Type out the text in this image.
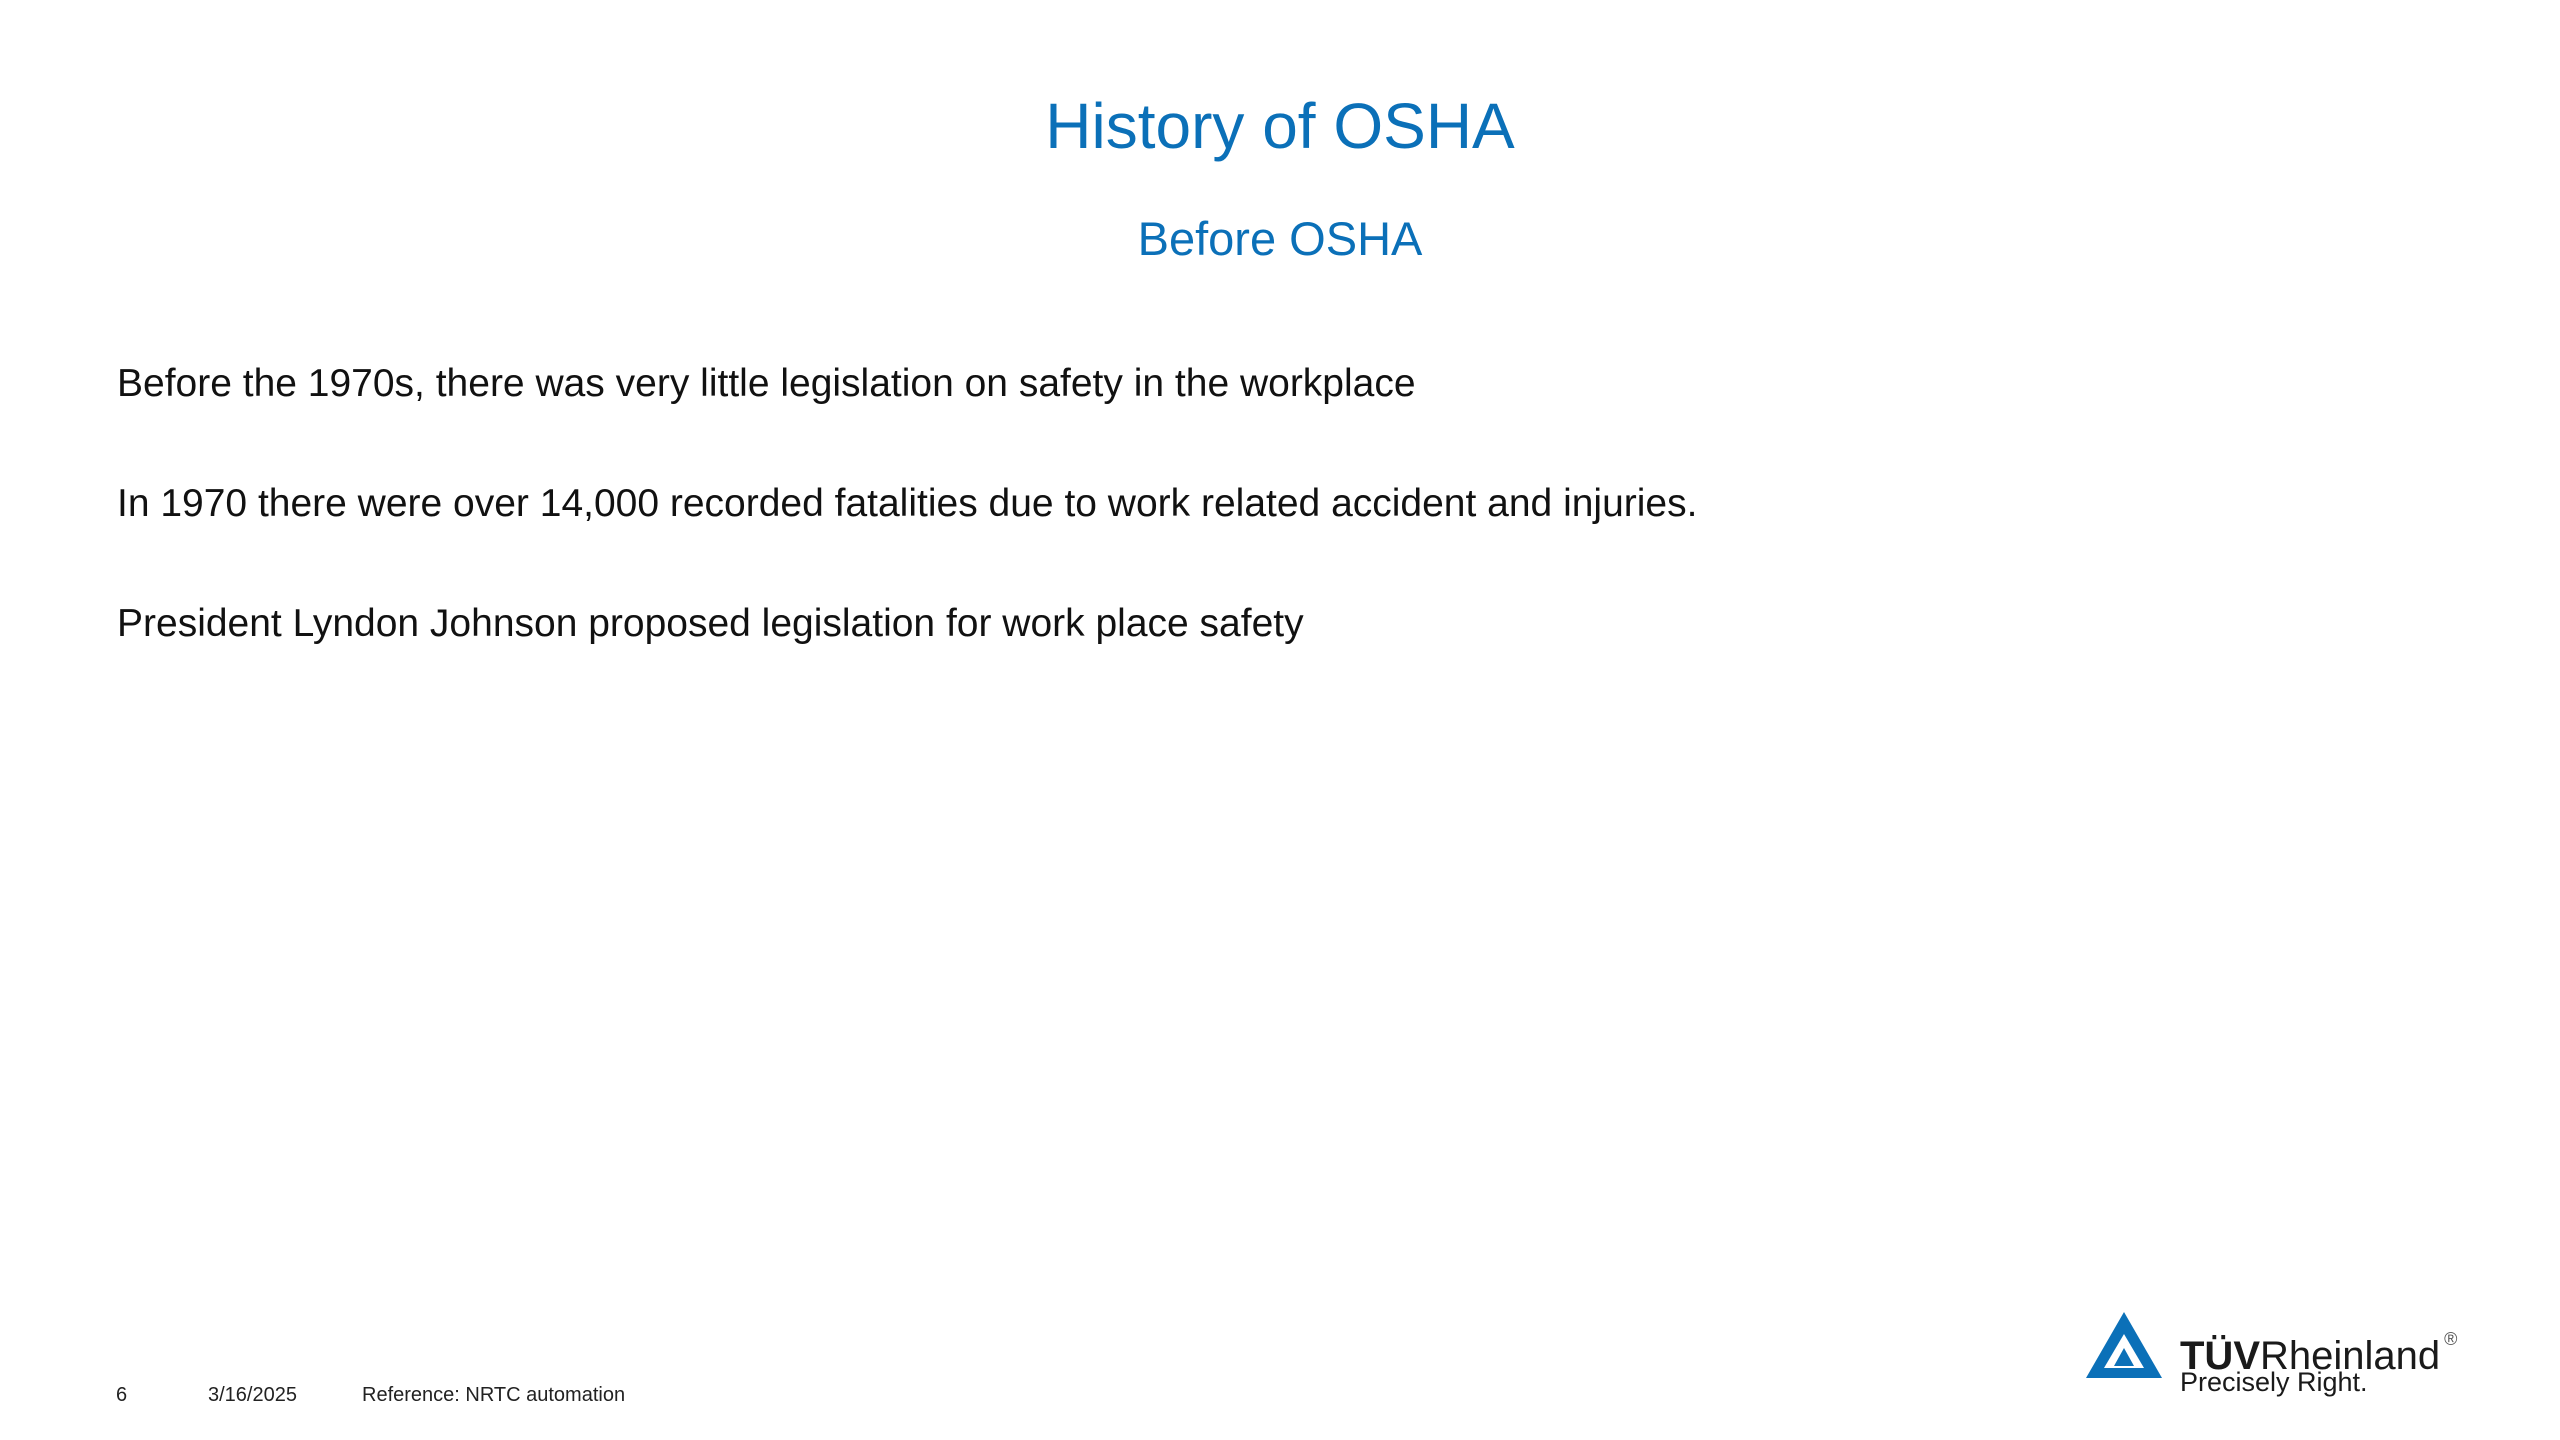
History of OSHA
Before OSHA
Before the 1970s, there was very little legislation on safety in the workplace
In 1970 there were over 14,000 recorded fatalities due to work related accident and injuries.
President Lyndon Johnson proposed legislation for work place safety
6	3/16/2025	Reference: NRTC automation
TÜVRheinland ®
Precisely Right.
